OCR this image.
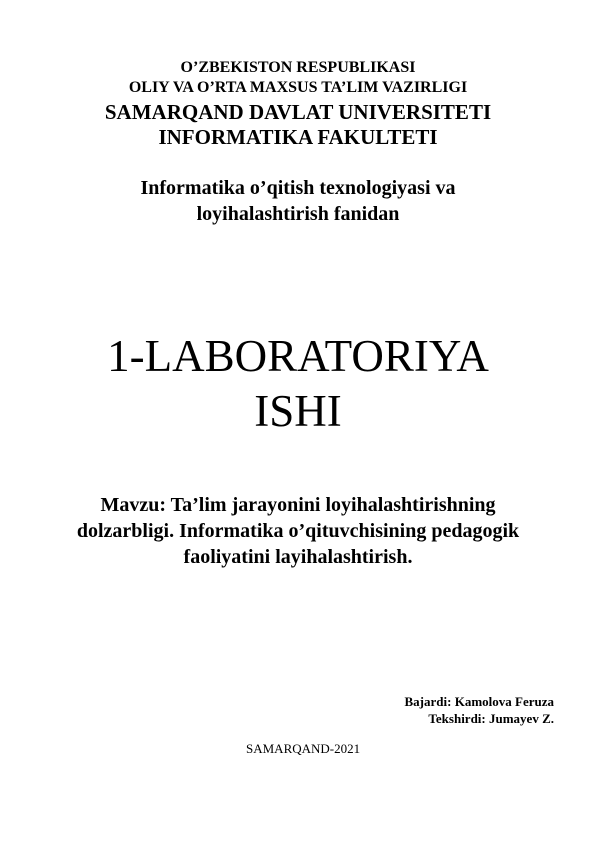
O’ZBEKISTON RESPUBLIKASI
OLIY VA O’RTA MAXSUS TA’LIM VAZIRLIGI
SAMARQAND DAVLAT UNIVERSITETI
INFORMATIKA FAKULTETI
Informatika o’qitish texnologiyasi va
loyihalashtirish fanidan
1-LABORATORIYA
ISHI
Mavzu: Ta’lim jarayonini loyihalashtirishning
dolzarbligi. Informatika o’qituvchisining pedagogik
faoliyatini layihalashtirish.
Bajardi: Kamolova Feruza
Tekshirdi: Jumayev Z.
SAMARQAND-2021
